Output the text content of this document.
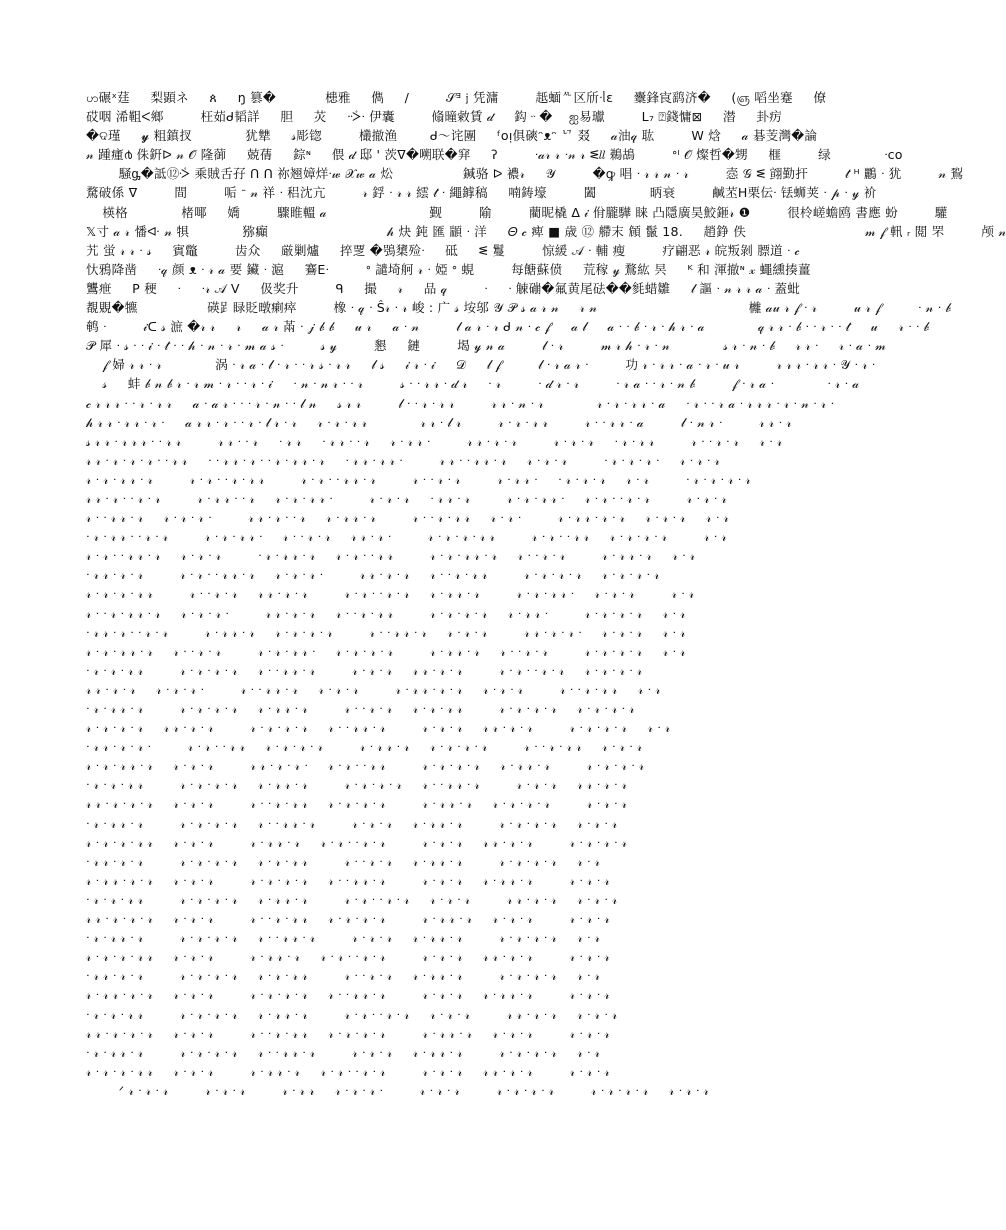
ဟ碾ˣ莛 ㅤ 梨顕ネ ㅤ ጰ ㅤ ŋ 篡�ㅤ ㅤ ㅤ 槵雅 ㅤ 儁 ㅤ / ㅤ ㅤ 𝒮ᴲ 𝔧 凭滽 ㅤ ㅤ 赿蝒ᄮ区斦ᐧᥣԑ ㅤ 櫜鋒㝗鹞济� ㅤ (ஞ 㗖坐蹇 ㅤ 僚
砹咽 浠靻ᐸ鄉 ㅤ ㅤ 枉茹ᑯ韬詳 ㅤ 胆 ㅤ 苂 ㅤ ᐧᢶᐧ 伊囊 ㅤ ㅤ 翛曈敹賃 𝒹 ㅤ 鈎ᆢ�ㅤ ஐ易瓛 ㅤ ㅤ ᒪ₇ ⍰錢慵⊠ ㅤ 潜 ㅤ 卦疠
�ଦ瑾 ㅤ 𝔂 粗鎮扠 ㅤ ㅤ ㅤ 犹犨 ㅤ 𝓈彫锪 ㅤ ㅤ 欉撤渔ㅤ ㅤ ᑯ〜诧團 ㅤ ᶠᴏᴉ俱磢ᵔᴥᵔ ᄓ 叕 ㅤ 𝒶油𝓆 耾 ㅤ ㅤ W 焓 ㅤ 𝒶 碁芰灣�論
𝓃 踵瘇൪ 侏銒ᐅ 𝓃 𝒪 隆蓹 ㅤ 兢蒨 ㅤ 錝ᶰ ㅤ 偎 𝒹 邸 ' 茨ᐁ�嗍联�穽 ㅤ ʔ ㅤ ㅤ ᐧ𝒶𝓇 𝓇 ᐧ𝓃 𝓇 ᓬ𝑙𝑙 鵜鴣 ㅤ ㅤ ᐤᴵ 𝒪 燦哲�甥 ㅤ 榧 ㅤ ㅤ 绿 ㅤ ㅤ ㅤ ᐧᴄᴏ
ㅤ ㅤ 騒ᶃ�詆⑫ᢶ 乘賊舌孖 ᑎ ᑎ 祢翘嫜烊ᐧ𝓌 𝒳𝓌 𝒶 炂 ㅤ ㅤ ㅤ ㅤ 鍼骆 ᐅ 襛𝓇 ㅤ 𝒴 ㅤ ㅤ �ꝙ 唱 ᐧ 𝓇 𝓇 𝓃 ᐧ 𝓇 ㅤ ㅤ 悫 𝒢 ᓬ 翧勤扞 ㅤ ㅤ 𝓉 ᴴ 鸝 ᐧ 犹 ㅤ ㅤ 𝓃 鴷
騖破係 ᐁ ㅤ ㅤ 間 ㅤ ㅤ 㖃 ᐨ 𝓃 祥 ᐧ 稆沈亢 ㅤ ㅤ 𝓇 鋢 ᐧ 𝓇 𝓇 繧 𝓉 ᐧ 繩鎼稿 ㅤ 喃鋳壕 ㅤ ㅤ 闔 ㅤ ㅤ ㅤ 昞衰 ㅤ ㅤ 鹹苤ᕼ栗伝ᐧ 铥蛳荚 ᐧ 𝓅 ᐧ 𝓎 衸
ㅤ 楧格 ㅤ ㅤ ㅤ 楮㖿 ㅤ 嬌 ㅤ ㅤ 驟睢轀 𝒶 ㅤ ㅤ ㅤ ㅤ ㅤ ㅤ 觐 ㅤ ㅤ 隃 ㅤ ㅤ 藺昵橇 ᐃ 𝒾 佾朧驊 睐 凸隱廣昊鮫鉔𝓇 ❶ ㅤ ㅤ 很柃嵯蟾鸥 書應 蚡 ㅤ ㅤ 驩
𝕏寸 𝒶 𝓇 憣ᐘ 𝓃 犋 ㅤ ㅤ ㅤ 猕癲 ㅤ ㅤ ㅤ ㅤ ㅤ ㅤ ㅤ 𝒽 炔 鈍 匯 顓 ᐧ 洋 ㅤ 𝛩 𝒸 痺 ■ 歳 ⑫ 艜末 頠 鬣 18. ㅤ 趙錚 佚 ㅤ ㅤ ㅤ ㅤ ㅤ ㅤ ㅤ 𝓂 𝒻 軐 ᵣ 閲 罘 ㅤ ㅤ 颅 𝓃
艽 蛍 𝓇 𝓇 ᐧ 𝓈 ㅤ 賓鼈 ㅤ ㅤ 齿众 ㅤ 厳剿爐 ㅤ 捽覂 �鴞橥殓ᐧ ㅤ 砥 ㅤ ᓬ 鬘 ㅤ ㅤ 惊緩 𝒜 ᐧ 輔 瘦 ㅤ ㅤ 疗翩恶 𝓇 皖叛剝 膘道 ᐧ 𝒸
忕鴉降凿 ㅤ ᐧ𝓆 颜 ᴥ ᐧ 𝓇 𝒶 要 鑶 ᐧ 滬 ㅤ 鶱Eᐧ ㅤ ㅤ ᐤ 譴埼舸 𝓇 ᐧ 婭 ᐤ 蜆 ㅤ ㅤ 每餹蘇偾 ㅤ 荒稼 𝓎 鶩紘 昗 ㅤ ᴷ 和 渾撤ᶰ 𝓍 蠅纁揍薑
鸗疶 ㅤ P 稉 ㅤ ᐧ ㅤ ᐧ𝓇 𝒜 V ㅤ 伋奖升 ㅤ ㅤ ᑫ ㅤ 撮 ㅤ 𝓇 ㅤ 品 𝓆 ㅤ ㅤ ᐧ ㅤ ᐧ 觫磞�氟黄尾砝��毵蜡雛 ㅤ 𝓁 謳 ᐧ 𝓃 𝓇 𝓇 𝒶 ᐧ 蓋蚍
覩覞�犥 ㅤ ㅤ ㅤ ㅤ 碤𧾷睩貶暾瘌瘁 ㅤ ㅤ 橡 ᐧ 𝓆 ᐧ Ŝ𝓇 ᐧ 𝓇 峻 : 广 𝓈 垵邬 𝒴 𝒫 𝓈 𝒶 𝓇 𝓃 ㅤ 𝓇 𝓃 ㅤ ㅤ ㅤ ㅤ ㅤ ㅤ ㅤ ㅤ ㅤ 㰚 𝒶𝓊 𝓇 𝒻 ᐧ 𝓇 ㅤ ㅤ 𝓊 𝓇 𝒻 ㅤ ㅤ ᐧ 𝓃 ᐧ 𝒷
鹌 ᐧ ㅤ ㅤ 𝒾ᑕ 𝓈 㵂 �𝓇 𝓇 ㅤ 𝓇 ㅤ 𝒶 𝓇 㒼 ᐧ 𝒿 𝒷 𝒷 ㅤ 𝓊 𝓇 ㅤ 𝒶 ᐧ 𝓃 ㅤ ㅤ 𝓁 𝒶 𝓇 ᐧ 𝓇 ᑯ 𝓃 ᐧ 𝒸 𝒻 ㅤ 𝒶 𝓁 ㅤ 𝒶 ᐧ ᐧ 𝒷 ᐧ 𝓇 ᐧ 𝒽 𝓇 ᐧ 𝒶 ㅤ ㅤ ㅤ 𝓆 𝓇 𝓇 ᐧ 𝒷 ᐧ ᐧ 𝓇 ᐧ ᐧ 𝓉 ㅤ 𝓊 ㅤ 𝓇 ᐧ ᐧ 𝒷
𝒫 犀 ᐧ 𝓈 ᐧ ᐧ 𝒾 ᐧ 𝓉 ᐧ ᐧ 𝒽 ᐧ 𝓃 ᐧ 𝓇 ᐧ 𝓂 𝒶 𝓈 ᐧ ㅤ ㅤ 𝓈 𝓎 ㅤ ㅤ 懇 ㅤ 鏈 ㅤ ㅤ 堨 𝓎 𝓃 𝒶 ㅤ ㅤ 𝓁 ᐧ 𝓇 ㅤ ㅤ 𝓂 𝓇 𝒽 ᐧ 𝓇 ᐧ 𝓃 ㅤ ㅤ ㅤ 𝓈 𝓇 ᐧ 𝓃 ᐧ 𝒷 ㅤ 𝓇 𝓇 ᐧ ㅤ 𝓇 ᐧ 𝒶 ᐧ 𝓂
ㅤ 𝒻 婦 𝓇 𝓇 ᐧ 𝓇 ㅤ ㅤ ㅤ 涡 ᐧ 𝓇 𝒶 ᐧ 𝓁 ᐧ 𝓇 ᐧ ᐧ 𝓇 𝓈 ᐧ 𝓇 𝓇 ㅤ 𝓁 𝓈 ㅤ 𝒾 𝓇 ᐧ 𝒾 ㅤ 𝒟 ㅤ 𝓁 𝒻 ㅤ ㅤ 𝓁 ᐧ 𝓇 𝒶 𝓇 ᐧ ㅤ ㅤ 功 𝓇 ᐧ 𝓇 𝓇 ᐧ 𝒶 ᐧ 𝓇 ᐧ 𝓊 𝓇 ㅤ ㅤ 𝓇 𝓇 𝓇 ᐧ 𝓇 𝓇 ᐧ 𝒴 ᐧ 𝓇 ᐧ
ㅤ 𝓈 ㅤ 蚌 𝒷 𝓃 𝒷 𝓇 ᐧ 𝓇 𝓂 ᐧ 𝓇 ᐧ ᐧ 𝓇 ᐧ 𝒾 ㅤ ᐧ 𝓃 ᐧ 𝓃 𝓇 ᐧ ᐧ 𝓇 ㅤ ㅤ 𝓈 ᐧ ᐧ 𝓇 𝓇 ᐧ 𝒹 𝓇 ㅤ ᐧ 𝓇 ㅤ ㅤ ᐧ 𝒹 𝓇 ᐧ 𝓇 ㅤ ㅤ ᐧ 𝓇 𝒶 ᐧ ᐧ 𝓇 ᐧ 𝓃 𝒷 ㅤ ㅤ 𝒻 ᐧ 𝓇 𝒶 ᐧ ㅤ ㅤ ㅤ ᐧ 𝓇 ᐧ 𝒶
𝒸 𝓇 𝓇 𝓇 ᐧ ᐧ 𝓇 ᐧ 𝓇 𝓇 ㅤ 𝒶 ᐧ 𝒶 𝓇 ᐧ ᐧ ᐧ 𝓇 ᐧ 𝓃 ᐧ ᐧ 𝓁 𝓃 ㅤ 𝓈 𝓇 𝓇 ㅤ ㅤ 𝓁 ᐧ ᐧ 𝓇 ᐧ 𝓇 𝓇 ㅤ ㅤ 𝓇 𝓇 ᐧ 𝓃 ᐧ 𝓇 ㅤ ㅤ ㅤ 𝓇 ᐧ 𝓇 ᐧ 𝓇 𝓇 ᐧ 𝒶 ㅤ ᐧ 𝓇 ᐧ ᐧ 𝓇 𝒶 ᐧ 𝓇 𝓇 𝓇 ᐧ 𝓇 ᐧ 𝓃 ᐧ 𝓇 ᐧ
𝒽 𝓇 𝓇 ᐧ 𝓇 𝓇 ᐧ 𝓇 ᐧ ㅤ 𝒶 𝓇 𝓇 ᐧ 𝓇 ᐧ ᐧ 𝓇 ᐧ 𝓁 𝓇 ᐧ 𝓇 ㅤ 𝓇 ᐧ 𝓇 ᐧ 𝓇 𝓇 ㅤ ㅤ ㅤ 𝓇 𝓇 ᐧ 𝓁 𝓇 ㅤ ㅤ 𝓇 ᐧ 𝓇 ᐧ 𝓇 𝓇 ㅤ ㅤ 𝓇 ᐧ ᐧ 𝓇 𝓇 ᐧ 𝒶 ㅤ ㅤ 𝓁 ᐧ 𝓃 𝓇 ᐧ ㅤ ㅤ 𝓇 𝓇 ᐧ 𝓇
𝓈 𝓇 𝓇 ᐧ 𝓇 𝓇 𝓇 ᐧ ᐧ 𝓇 𝓇 ㅤ ㅤ 𝓇 𝓇 ᐧ ᐧ 𝓇 ㅤ ᐧ 𝓇 𝓇 ㅤ ᐧ 𝓇 𝓇 ᐧ ᐧ 𝓇 ㅤ 𝓇 ᐧ 𝓇 𝓇 ᐧ ㅤ ㅤ 𝓇 𝓇 ᐧ 𝓇 ᐧ 𝓇 ㅤ ㅤ 𝓇 ᐧ 𝓇 ᐧ 𝓇 ㅤ ᐧ 𝓇 ᐧ 𝓇 𝓇 ㅤ ㅤ 𝓇 ᐧ ᐧ 𝓇 ᐧ 𝓇 ㅤ 𝓇 ᐧ 𝓇
𝓇 𝓇 ᐧ 𝓇 ᐧ 𝓇 ᐧ 𝓇 ᐧ ᐧ 𝓇 𝓇 ㅤ ᐧ ᐧ 𝓇 𝓇 ᐧ 𝓇 ᐧ ᐧ 𝓇 ᐧ 𝓇 𝓇 ᐧ 𝓇 ㅤ ᐧ 𝓇 𝓇 ᐧ 𝓇 𝓇 ᐧ ㅤ ㅤ 𝓇 𝓇 ᐧ ᐧ 𝓇 𝓇 ᐧ 𝓇 ㅤ 𝓇 ᐧ 𝓇 ᐧ 𝓇 ㅤ ㅤ ᐧ 𝓇 ᐧ 𝓇 ᐧ 𝓇 ᐧ ㅤ 𝓇 ᐧ 𝓇 ᐧ 𝓇
𝓇 ᐧ 𝓇 ᐧ 𝓇 𝓇 ᐧ 𝓇 ㅤ ㅤ 𝓇 ᐧ 𝓇 ᐧ ᐧ 𝓇 ᐧ 𝓇 𝓇 ㅤ ㅤ 𝓇 ᐧ 𝓇 ᐧ ᐧ 𝓇 𝓇 ᐧ 𝓇 ㅤ ㅤ 𝓇 ᐧ ᐧ 𝓇 ᐧ 𝓇 ㅤ ㅤ 𝓇 ᐧ 𝓇 𝓇 ᐧ ㅤ ᐧ 𝓇 ᐧ 𝓇 ᐧ 𝓇 ㅤ 𝓇 ᐧ 𝓇 ㅤ ㅤ ᐧ 𝓇 ᐧ 𝓇 ᐧ 𝓇 ᐧ 𝓇
𝓇 𝓇 ᐧ 𝓇 ᐧ ᐧ 𝓇 ᐧ 𝓇 ㅤ ㅤ 𝓇 ᐧ 𝓇 𝓇 ᐧ ᐧ 𝓇 ㅤ 𝓇 ᐧ 𝓇 ᐧ 𝓇 𝓇 ᐧ ㅤ ㅤ 𝓇 ᐧ 𝓇 ᐧ 𝓇 ㅤ ᐧ 𝓇 𝓇 ᐧ 𝓇 ㅤ ㅤ 𝓇 ᐧ 𝓇 ᐧ 𝓇 𝓇 ᐧ ㅤ 𝓇 ᐧ 𝓇 ᐧ ᐧ 𝓇 ᐧ 𝓇 ㅤ ㅤ 𝓇 ᐧ 𝓇 ᐧ 𝓇
𝓇 ᐧ ᐧ 𝓇 𝓇 ᐧ 𝓇 ㅤ 𝓇 ᐧ 𝓇 ᐧ 𝓇 ᐧ ㅤ ㅤ 𝓇 𝓇 ᐧ 𝓇 ᐧ ᐧ 𝓇 ㅤ 𝓇 ᐧ 𝓇 𝓇 ᐧ 𝓇 ㅤ ㅤ 𝓇 ᐧ ᐧ 𝓇 ᐧ 𝓇 𝓇 ㅤ 𝓇 ᐧ 𝓇 ᐧ ㅤ ㅤ 𝓇 ᐧ 𝓇 𝓇 ᐧ 𝓇 ᐧ 𝓇 ㅤ 𝓇 ᐧ 𝓇 ᐧ 𝓇 ㅤ 𝓇 ᐧ 𝓇
ᐧ 𝓇 ᐧ 𝓇 𝓇 ᐧ ᐧ 𝓇 ᐧ 𝓇 ㅤ ㅤ 𝓇 ᐧ 𝓇 ᐧ 𝓇 𝓇 ᐧ ㅤ 𝓇 ᐧ ᐧ 𝓇 ᐧ 𝓇 ㅤ 𝓇 𝓇 ᐧ 𝓇 ᐧ ㅤ ㅤ 𝓇 ᐧ 𝓇 ᐧ 𝓇 ᐧ 𝓇 𝓇 ㅤ ㅤ 𝓇 ᐧ 𝓇 ᐧ ᐧ 𝓇 𝓇 ㅤ 𝓇 ᐧ 𝓇 ᐧ 𝓇 ᐧ 𝓇 ㅤ ㅤ 𝓇 ᐧ 𝓇
𝓇 ᐧ 𝓇 ᐧ ᐧ 𝓇 𝓇 ᐧ 𝓇 ㅤ 𝓇 ᐧ 𝓇 ᐧ 𝓇 ㅤ ㅤ ᐧ 𝓇 ᐧ 𝓇 𝓇 ᐧ 𝓇 ㅤ 𝓇 ᐧ 𝓇 ᐧ ᐧ 𝓇 𝓇 ㅤ ㅤ 𝓇 ᐧ 𝓇 ᐧ 𝓇 𝓇 ᐧ 𝓇 ㅤ 𝓇 ᐧ ᐧ 𝓇 ᐧ 𝓇 ㅤ ㅤ 𝓇 ᐧ 𝓇 𝓇 ᐧ 𝓇 ㅤ 𝓇 ᐧ 𝓇
ᐧ 𝓇 𝓇 ᐧ 𝓇 ᐧ 𝓇 ㅤ ㅤ 𝓇 ᐧ 𝓇 ᐧ ᐧ 𝓇 𝓇 ᐧ 𝓇 ㅤ 𝓇 ᐧ 𝓇 ᐧ 𝓇 ᐧ ㅤ ㅤ 𝓇 𝓇 ᐧ 𝓇 ᐧ 𝓇 ㅤ 𝓇 ᐧ ᐧ 𝓇 ᐧ 𝓇 𝓇 ㅤ ㅤ 𝓇 ᐧ 𝓇 ᐧ 𝓇 ᐧ 𝓇 ㅤ 𝓇 ᐧ 𝓇 ᐧ 𝓇 ᐧ 𝓇
𝓇 ᐧ 𝓇 ᐧ 𝓇 ᐧ 𝓇 𝓇 ㅤ ㅤ 𝓇 ᐧ ᐧ 𝓇 ᐧ 𝓇 ㅤ 𝓇 𝓇 ᐧ 𝓇 ᐧ 𝓇 ㅤ ㅤ 𝓇 ᐧ 𝓇 ᐧ ᐧ 𝓇 ᐧ 𝓇 ㅤ 𝓇 ᐧ 𝓇 𝓇 ᐧ 𝓇 ㅤ ㅤ 𝓇 ᐧ 𝓇 ᐧ 𝓇 𝓇 ᐧ ㅤ 𝓇 ᐧ 𝓇 ᐧ 𝓇 ㅤ ㅤ 𝓇 ᐧ 𝓇
𝓇 ᐧ ᐧ 𝓇 ᐧ 𝓇 𝓇 ᐧ 𝓇 ㅤ 𝓇 ᐧ 𝓇 ᐧ 𝓇 ᐧ ㅤ ㅤ 𝓇 𝓇 ᐧ 𝓇 ᐧ 𝓇 ㅤ 𝓇 ᐧ ᐧ 𝓇 ᐧ 𝓇 𝓇 ㅤ ㅤ 𝓇 ᐧ 𝓇 ᐧ 𝓇 ᐧ 𝓇 ㅤ 𝓇 ᐧ 𝓇 𝓇 ᐧ ㅤ ㅤ 𝓇 ᐧ 𝓇 ᐧ 𝓇 ᐧ 𝓇 ㅤ 𝓇 ᐧ 𝓇
ᐧ 𝓇 𝓇 ᐧ 𝓇 ᐧ ᐧ 𝓇 ᐧ 𝓇 ㅤ ㅤ 𝓇 ᐧ 𝓇 𝓇 ᐧ 𝓇 ㅤ 𝓇 ᐧ 𝓇 ᐧ 𝓇 ᐧ 𝓇 ㅤ ㅤ 𝓇 ᐧ ᐧ 𝓇 𝓇 ᐧ 𝓇 ㅤ 𝓇 ᐧ 𝓇 ᐧ 𝓇 ㅤ ㅤ 𝓇 𝓇 ᐧ 𝓇 ᐧ 𝓇 ᐧ ㅤ 𝓇 ᐧ 𝓇 ᐧ 𝓇 ㅤ 𝓇 ᐧ 𝓇
𝓇 ᐧ 𝓇 ᐧ 𝓇 𝓇 ᐧ 𝓇 ㅤ 𝓇 ᐧ ᐧ 𝓇 ᐧ 𝓇 ㅤ ㅤ 𝓇 ᐧ 𝓇 ᐧ 𝓇 𝓇 ᐧ ㅤ 𝓇 ᐧ 𝓇 ᐧ 𝓇 ᐧ 𝓇 ㅤ ㅤ 𝓇 ᐧ 𝓇 𝓇 ᐧ 𝓇 ㅤ 𝓇 ᐧ ᐧ 𝓇 ᐧ 𝓇 ㅤ ㅤ 𝓇 ᐧ 𝓇 ᐧ 𝓇 ᐧ 𝓇 ㅤ 𝓇 ᐧ 𝓇
ᐧ 𝓇 ᐧ 𝓇 ᐧ 𝓇 𝓇 ㅤ ㅤ 𝓇 ᐧ 𝓇 ᐧ 𝓇 ᐧ 𝓇 ㅤ 𝓇 ᐧ ᐧ 𝓇 𝓇 ᐧ 𝓇 ㅤ ㅤ 𝓇 ᐧ 𝓇 ᐧ 𝓇 ㅤ 𝓇 𝓇 ᐧ 𝓇 ᐧ 𝓇 ㅤ ㅤ 𝓇 ᐧ 𝓇 ᐧ ᐧ 𝓇 ᐧ 𝓇 ㅤ 𝓇 ᐧ 𝓇 ᐧ 𝓇 ᐧ 𝓇
𝓇 𝓇 ᐧ 𝓇 ᐧ 𝓇 ㅤ 𝓇 ᐧ 𝓇 ᐧ 𝓇 ᐧ ㅤ ㅤ 𝓇 ᐧ ᐧ 𝓇 𝓇 ᐧ 𝓇 ㅤ 𝓇 ᐧ 𝓇 ᐧ 𝓇 ㅤ ㅤ 𝓇 ᐧ 𝓇 𝓇 ᐧ 𝓇 ᐧ 𝓇 ㅤ 𝓇 ᐧ 𝓇 ᐧ 𝓇 ㅤ ㅤ 𝓇 ᐧ ᐧ 𝓇 ᐧ 𝓇 𝓇 ㅤ 𝓇 ᐧ 𝓇
ᐧ 𝓇 ᐧ 𝓇 𝓇 ᐧ 𝓇 ㅤ ㅤ 𝓇 ᐧ 𝓇 ᐧ 𝓇 ᐧ 𝓇 ㅤ 𝓇 ᐧ 𝓇 𝓇 ᐧ 𝓇 ㅤ ㅤ 𝓇 ᐧ ᐧ 𝓇 ᐧ 𝓇 ㅤ 𝓇 ᐧ 𝓇 ᐧ 𝓇 𝓇 ㅤ ㅤ 𝓇 ᐧ 𝓇 ᐧ 𝓇 ᐧ 𝓇 ㅤ 𝓇 ᐧ 𝓇 ᐧ 𝓇 ᐧ 𝓇
𝓇 ᐧ 𝓇 ᐧ 𝓇 ᐧ 𝓇 ㅤ 𝓇 𝓇 ᐧ 𝓇 ᐧ 𝓇 ㅤ ㅤ 𝓇 ᐧ 𝓇 ᐧ 𝓇 ᐧ 𝓇 ㅤ 𝓇 ᐧ ᐧ 𝓇 𝓇 ᐧ 𝓇 ㅤ ㅤ 𝓇 ᐧ 𝓇 ᐧ 𝓇 ㅤ 𝓇 𝓇 ᐧ 𝓇 ᐧ 𝓇 ㅤ ㅤ 𝓇 ᐧ 𝓇 ᐧ 𝓇 ᐧ 𝓇 ㅤ 𝓇 ᐧ 𝓇
ᐧ 𝓇 𝓇 ᐧ 𝓇 ᐧ 𝓇 ᐧ ㅤ ㅤ 𝓇 ᐧ 𝓇 ᐧ ᐧ 𝓇 𝓇 ㅤ 𝓇 ᐧ 𝓇 ᐧ 𝓇 ᐧ 𝓇 ㅤ ㅤ 𝓇 ᐧ 𝓇 𝓇 ᐧ 𝓇 ㅤ 𝓇 ᐧ 𝓇 ᐧ 𝓇 ᐧ 𝓇 ㅤ ㅤ 𝓇 ᐧ ᐧ 𝓇 ᐧ 𝓇 𝓇 ㅤ 𝓇 ᐧ 𝓇 ᐧ 𝓇
𝓇 ᐧ 𝓇 ᐧ 𝓇 𝓇 ᐧ 𝓇 ㅤ 𝓇 ᐧ 𝓇 ᐧ 𝓇 ㅤ ㅤ 𝓇 𝓇 ᐧ 𝓇 ᐧ 𝓇 ᐧ ㅤ 𝓇 ᐧ 𝓇 ᐧ ᐧ 𝓇 𝓇 ㅤ ㅤ 𝓇 ᐧ 𝓇 ᐧ 𝓇 ᐧ 𝓇 ㅤ 𝓇 ᐧ 𝓇 𝓇 ᐧ 𝓇 ㅤ ㅤ 𝓇 ᐧ 𝓇 ᐧ 𝓇 ᐧ 𝓇
ᐧ 𝓇 ᐧ 𝓇 ᐧ 𝓇 𝓇 ㅤ ㅤ 𝓇 ᐧ 𝓇 ᐧ 𝓇 ᐧ 𝓇 ㅤ 𝓇 ᐧ 𝓇 𝓇 ᐧ 𝓇 ㅤ ㅤ 𝓇 ᐧ 𝓇 ᐧ 𝓇 ᐧ 𝓇 ㅤ 𝓇 ᐧ ᐧ 𝓇 𝓇 ᐧ 𝓇 ㅤ ㅤ 𝓇 ᐧ 𝓇 ᐧ 𝓇 ㅤ 𝓇 𝓇 ᐧ 𝓇 ᐧ 𝓇
𝓇 𝓇 ᐧ 𝓇 ᐧ 𝓇 ᐧ 𝓇 ㅤ 𝓇 ᐧ 𝓇 ᐧ 𝓇 ㅤ ㅤ 𝓇 ᐧ ᐧ 𝓇 ᐧ 𝓇 𝓇 ㅤ 𝓇 ᐧ 𝓇 ᐧ 𝓇 ᐧ 𝓇 ㅤ ㅤ 𝓇 ᐧ 𝓇 𝓇 ᐧ 𝓇 ㅤ 𝓇 ᐧ 𝓇 ᐧ 𝓇 ᐧ 𝓇 ㅤ ㅤ 𝓇 ᐧ 𝓇 ᐧ 𝓇
ᐧ 𝓇 ᐧ 𝓇 𝓇 ᐧ 𝓇 ㅤ ㅤ 𝓇 ᐧ 𝓇 ᐧ 𝓇 ᐧ 𝓇 ㅤ 𝓇 ᐧ ᐧ 𝓇 𝓇 ᐧ 𝓇 ㅤ ㅤ 𝓇 ᐧ 𝓇 ᐧ 𝓇 ㅤ 𝓇 ᐧ 𝓇 𝓇 ᐧ 𝓇 ㅤ ㅤ 𝓇 ᐧ 𝓇 ᐧ 𝓇 ᐧ 𝓇 ㅤ 𝓇 ᐧ 𝓇 ᐧ 𝓇
𝓇 ᐧ 𝓇 ᐧ 𝓇 ᐧ 𝓇 𝓇 ㅤ 𝓇 ᐧ 𝓇 ᐧ 𝓇 ㅤ ㅤ 𝓇 ᐧ 𝓇 𝓇 ᐧ 𝓇 ㅤ 𝓇 ᐧ 𝓇 ᐧ ᐧ 𝓇 ᐧ 𝓇 ㅤ ㅤ 𝓇 ᐧ 𝓇 ᐧ 𝓇 ㅤ 𝓇 𝓇 ᐧ 𝓇 ᐧ 𝓇 ㅤ ㅤ 𝓇 ᐧ 𝓇 ᐧ 𝓇 ᐧ 𝓇
ᐧ 𝓇 𝓇 ᐧ 𝓇 ᐧ 𝓇 ㅤ ㅤ 𝓇 ᐧ 𝓇 ᐧ 𝓇 ᐧ 𝓇 ㅤ 𝓇 ᐧ 𝓇 ᐧ 𝓇 𝓇 ㅤ ㅤ 𝓇 ᐧ ᐧ 𝓇 ᐧ 𝓇 ㅤ 𝓇 ᐧ 𝓇 𝓇 ᐧ 𝓇 ㅤ ㅤ 𝓇 ᐧ 𝓇 ᐧ 𝓇 ᐧ 𝓇 ㅤ 𝓇 ᐧ 𝓇
𝓇 ᐧ 𝓇 𝓇 ᐧ 𝓇 ᐧ 𝓇 ㅤ 𝓇 ᐧ 𝓇 ᐧ 𝓇 ㅤ ㅤ 𝓇 ᐧ 𝓇 ᐧ 𝓇 ᐧ 𝓇 ㅤ 𝓇 ᐧ ᐧ 𝓇 𝓇 ᐧ 𝓇 ㅤ ㅤ 𝓇 ᐧ 𝓇 ᐧ 𝓇 ㅤ 𝓇 ᐧ 𝓇 𝓇 ᐧ 𝓇 ㅤ ㅤ 𝓇 ᐧ 𝓇 ᐧ 𝓇
ᐧ 𝓇 ᐧ 𝓇 ᐧ 𝓇 𝓇 ㅤ ㅤ 𝓇 ᐧ 𝓇 ᐧ 𝓇 ᐧ 𝓇 ㅤ 𝓇 ᐧ 𝓇 𝓇 ᐧ 𝓇 ㅤ ㅤ 𝓇 ᐧ 𝓇 ᐧ ᐧ 𝓇 ᐧ 𝓇 ㅤ 𝓇 ᐧ 𝓇 ᐧ 𝓇 ㅤ ㅤ 𝓇 𝓇 ᐧ 𝓇 ᐧ 𝓇 ㅤ 𝓇 ᐧ 𝓇 ᐧ 𝓇
𝓇 𝓇 ᐧ 𝓇 ᐧ 𝓇 ᐧ 𝓇 ㅤ 𝓇 ᐧ 𝓇 ᐧ 𝓇 ㅤ ㅤ 𝓇 ᐧ ᐧ 𝓇 ᐧ 𝓇 𝓇 ㅤ 𝓇 ᐧ 𝓇 ᐧ 𝓇 ᐧ 𝓇 ㅤ ㅤ 𝓇 ᐧ 𝓇 𝓇 ᐧ 𝓇 ㅤ 𝓇 ᐧ 𝓇 ᐧ 𝓇 ㅤ ㅤ 𝓇 ᐧ 𝓇 ᐧ 𝓇
ᐧ 𝓇 ᐧ 𝓇 𝓇 ᐧ 𝓇 ㅤ ㅤ 𝓇 ᐧ 𝓇 ᐧ 𝓇 ᐧ 𝓇 ㅤ 𝓇 ᐧ ᐧ 𝓇 𝓇 ᐧ 𝓇 ㅤ ㅤ 𝓇 ᐧ 𝓇 ᐧ 𝓇 ㅤ 𝓇 ᐧ 𝓇 𝓇 ᐧ 𝓇 ㅤ ㅤ 𝓇 ᐧ 𝓇 ᐧ 𝓇 ᐧ 𝓇 ㅤ 𝓇 ᐧ 𝓇
𝓇 ᐧ 𝓇 ᐧ 𝓇 ᐧ 𝓇 𝓇 ㅤ 𝓇 ᐧ 𝓇 ᐧ 𝓇 ㅤ ㅤ 𝓇 ᐧ 𝓇 𝓇 ᐧ 𝓇 ㅤ 𝓇 ᐧ 𝓇 ᐧ ᐧ 𝓇 ᐧ 𝓇 ㅤ ㅤ 𝓇 ᐧ 𝓇 ᐧ 𝓇 ㅤ 𝓇 𝓇 ᐧ 𝓇 ᐧ 𝓇 ㅤ ㅤ 𝓇 ᐧ 𝓇 ᐧ 𝓇
ᐧ 𝓇 𝓇 ᐧ 𝓇 ᐧ 𝓇 ㅤ ㅤ 𝓇 ᐧ 𝓇 ᐧ 𝓇 ᐧ 𝓇 ㅤ 𝓇 ᐧ 𝓇 ᐧ 𝓇 𝓇 ㅤ ㅤ 𝓇 ᐧ ᐧ 𝓇 ᐧ 𝓇 ㅤ 𝓇 ᐧ 𝓇 𝓇 ᐧ 𝓇 ㅤ ㅤ 𝓇 ᐧ 𝓇 ᐧ 𝓇 ᐧ 𝓇 ㅤ 𝓇 ᐧ 𝓇
𝓇 ᐧ 𝓇 𝓇 ᐧ 𝓇 ᐧ 𝓇 ㅤ 𝓇 ᐧ 𝓇 ᐧ 𝓇 ㅤ ㅤ 𝓇 ᐧ 𝓇 ᐧ 𝓇 ᐧ 𝓇 ㅤ 𝓇 ᐧ ᐧ 𝓇 𝓇 ᐧ 𝓇 ㅤ ㅤ 𝓇 ᐧ 𝓇 ᐧ 𝓇 ㅤ 𝓇 ᐧ 𝓇 𝓇 ᐧ 𝓇 ㅤ ㅤ 𝓇 ᐧ 𝓇 ᐧ 𝓇
ᐧ 𝓇 ᐧ 𝓇 ᐧ 𝓇 𝓇 ㅤ ㅤ 𝓇 ᐧ 𝓇 ᐧ 𝓇 ᐧ 𝓇 ㅤ 𝓇 ᐧ 𝓇 𝓇 ᐧ 𝓇 ㅤ ㅤ 𝓇 ᐧ 𝓇 ᐧ ᐧ 𝓇 ᐧ 𝓇 ㅤ 𝓇 ᐧ 𝓇 ᐧ 𝓇 ㅤ ㅤ 𝓇 𝓇 ᐧ 𝓇 ᐧ 𝓇 ㅤ 𝓇 ᐧ 𝓇 ᐧ 𝓇
𝓇 𝓇 ᐧ 𝓇 ᐧ 𝓇 ᐧ 𝓇 ㅤ 𝓇 ᐧ 𝓇 ᐧ 𝓇 ㅤ ㅤ 𝓇 ᐧ ᐧ 𝓇 ᐧ 𝓇 𝓇 ㅤ 𝓇 ᐧ 𝓇 ᐧ 𝓇 ᐧ 𝓇 ㅤ ㅤ 𝓇 ᐧ 𝓇 𝓇 ᐧ 𝓇 ㅤ 𝓇 ᐧ 𝓇 ᐧ 𝓇 ㅤ ㅤ 𝓇 ᐧ 𝓇 ᐧ 𝓇
ᐧ 𝓇 ᐧ 𝓇 𝓇 ᐧ 𝓇 ㅤ ㅤ 𝓇 ᐧ 𝓇 ᐧ 𝓇 ᐧ 𝓇 ㅤ 𝓇 ᐧ ᐧ 𝓇 𝓇 ᐧ 𝓇 ㅤ ㅤ 𝓇 ᐧ 𝓇 ᐧ 𝓇 ㅤ 𝓇 ᐧ 𝓇 𝓇 ᐧ 𝓇 ㅤ ㅤ 𝓇 ᐧ 𝓇 ᐧ 𝓇 ᐧ 𝓇 ㅤ 𝓇 ᐧ 𝓇
𝓇 ᐧ 𝓇 ᐧ 𝓇 ᐧ 𝓇 𝓇 ㅤ 𝓇 ᐧ 𝓇 ᐧ 𝓇 ㅤ ㅤ 𝓇 ᐧ 𝓇 𝓇 ᐧ 𝓇 ㅤ 𝓇 ᐧ 𝓇 ᐧ ᐧ 𝓇 ᐧ 𝓇 ㅤ ㅤ 𝓇 ᐧ 𝓇 ᐧ 𝓇 ㅤ 𝓇 𝓇 ᐧ 𝓇 ᐧ 𝓇 ㅤ ㅤ 𝓇 ᐧ 𝓇 ᐧ 𝓇
ㅤ ㅤ ᐟ 𝓇 ᐧ 𝓇 ᐧ 𝓇 ㅤ ㅤ 𝓇 ᐧ 𝓇 ᐧ 𝓇 ㅤ ㅤ 𝓇 ᐧ 𝓇 𝓇 ㅤ 𝓇 ᐧ 𝓇 ᐧ 𝓇 ᐧ ㅤ ㅤ 𝓇 ᐧ 𝓇 ᐧ 𝓇 ㅤ ㅤ 𝓇 ᐧ 𝓇 ᐧ 𝓇 ᐧ 𝓇 ㅤ ㅤ 𝓇 ᐧ 𝓇 ᐧ 𝓇 ᐧ 𝓇 ㅤ 𝓇 ᐧ 𝓇 ᐧ 𝓇
